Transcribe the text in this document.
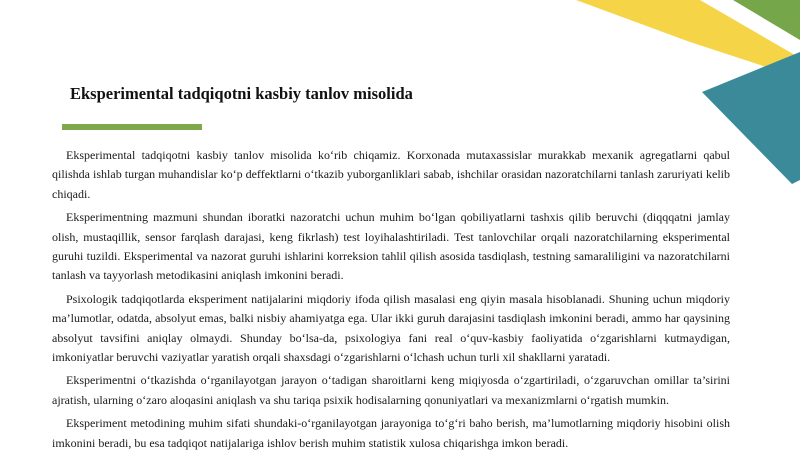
Eksperimental tadqiqotni kasbiy tanlov misolida

Eksperimental tadqiqotni kasbiy tanlov misolida ko‘rib chiqamiz. Korxonada mutaxassislar murakkab mexanik agregatlarni qabul qilishda ishlab turgan muhandislar ko‘p deffektlarni o‘tkazib yuborganliklari sabab, ishchilar orasidan nazoratchilarni tanlash zaruriyati kelib chiqadi.

Eksperimentning mazmuni shundan iboratki nazoratchi uchun muhim bo‘lgan qobiliyatlarni tashxis qilib beruvchi (diqqqatni jamlay olish, mustaqillik, sensor farqlash darajasi, keng fikrlash) test loyihalashtiriladi. Test tanlovchilar orqali nazoratchilarning eksperimental guruhi tuzildi. Eksperimental va nazorat guruhi ishlarini korreksion tahlil qilish asosida tasdiqlash, testning samaraliligini va nazoratchilarni tanlash va tayyorlash metodikasini aniqlash imkonini beradi.

Psixologik tadqiqotlarda eksperiment natijalarini miqdoriy ifoda qilish masalasi eng qiyin masala hisoblanadi. Shuning uchun miqdoriy ma’lumotlar, odatda, absolyut emas, balki nisbiy ahamiyatga ega. Ular ikki guruh darajasini tasdiqlash imkonini beradi, ammo har qaysining absolyut tavsifini aniqlay olmaydi. Shunday bo‘lsa-da, psixologiya fani real o‘quv-kasbiy faoliyatida o‘zgarishlarni kutmaydigan, imkoniyatlar beruvchi vaziyatlar yaratish orqali shaxsdagi o‘zgarishlarni o‘lchash uchun turli xil shakllarni yaratadi.

Eksperimentni o‘tkazishda o‘rganilayotgan jarayon o‘tadigan sharoitlarni keng miqiyosda o‘zgartiriladi, o‘zgaruvchan omillar ta’sirini ajratish, ularning o‘zaro aloqasini aniqlash va shu tariqa psixik hodisalarning qonuniyatlari va mexanizmlarni o‘rgatish mumkin.

Eksperiment metodining muhim sifati shundaki-o‘rganilayotgan jarayoniga to‘g‘ri baho berish, ma’lumotlarning miqdoriy hisobini olish imkonini beradi, bu esa tadqiqot natijalariga ishlov berish muhim statistik xulosa chiqarishga imkon beradi.
